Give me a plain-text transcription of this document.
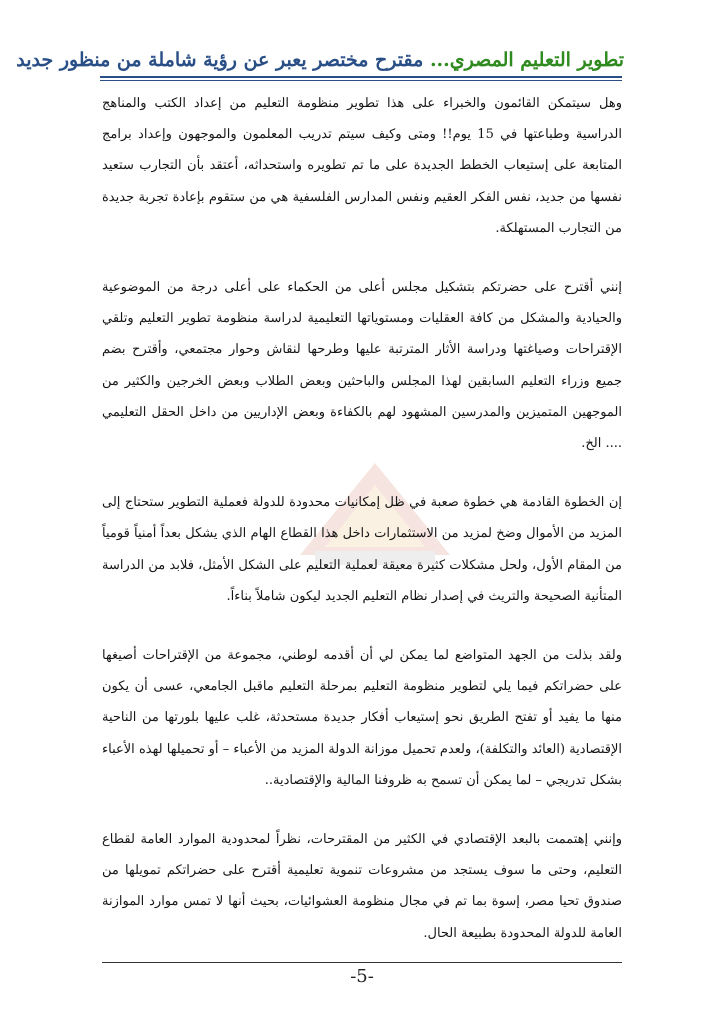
تطوير التعليم المصري... مقترح مختصر يعبر عن رؤية شاملة من منظور جديد

وهل سيتمكن القائمون والخبراء على هذا تطوير منظومة التعليم من إعداد الكتب والمناهج الدراسية وطباعتها في 15 يوم!! ومتى وكيف سيتم تدريب المعلمون والموجهون وإعداد برامج المتابعة على إستيعاب الخطط الجديدة على ما تم تطويره واستحداثه، أعتقد بأن التجارب ستعيد نفسها من جديد، نفس الفكر العقيم ونفس المدارس الفلسفية هي من ستقوم بإعادة تجربة جديدة من التجارب المستهلكة.

إنني أقترح على حضرتكم بتشكيل مجلس أعلى من الحكماء على أعلى درجة من الموضوعية والحيادية والمشكل من كافة العقليات ومستوياتها التعليمية لدراسة منظومة تطوير التعليم وتلقي الإقتراحات وصياغتها ودراسة الأثار المترتبة عليها وطرحها لنقاش وحوار مجتمعي، وأقترح بضم جميع وزراء التعليم السابقين لهذا المجلس والباحثين وبعض الطلاب وبعض الخرجين والكثير من الموجهين المتميزين والمدرسين المشهود لهم بالكفاءة وبعض الإداريين من داخل الحقل التعليمي .... الخ.

إن الخطوة القادمة هي خطوة صعبة في ظل إمكانيات محدودة للدولة فعملية التطوير ستحتاج إلى المزيد من الأموال وضخ لمزيد من الاستثمارات داخل هذا القطاع الهام الذي يشكل بعداً أمنياً قومياً من المقام الأول، ولحل مشكلات كثيرة معيقة لعملية التعليم على الشكل الأمثل، فلابد من الدراسة المتأنية الصحيحة والتريث في إصدار نظام التعليم الجديد ليكون شاملاً بناءاً.

ولقد بذلت من الجهد المتواضع لما يمكن لي أن أقدمه لوطني، مجموعة من الإقتراحات أصيغها على حضراتكم فيما يلي لتطوير منظومة التعليم بمرحلة التعليم ماقبل الجامعي، عسى أن يكون منها ما يفيد أو تفتح الطريق نحو إستيعاب أفكار جديدة مستحدثة، غلب عليها بلورتها من الناحية الإقتصادية (العائد والتكلفة)، ولعدم تحميل موزانة الدولة المزيد من الأعباء – أو تحميلها لهذه الأعباء بشكل تدريجي – لما يمكن أن تسمح به ظروفنا المالية والإقتصادية..

وإنني إهتممت بالبعد الإقتصادي في الكثير من المقترحات، نظراً لمحدودية الموارد العامة لقطاع التعليم، وحتى ما سوف يستجد من مشروعات تنموية تعليمية أقترح على حضراتكم تمويلها من صندوق تحيا مصر، إسوة بما تم في مجال منظومة العشوائيات، بحيث أنها لا تمس موارد الموازنة العامة للدولة المحدودة بطبيعة الحال.

-5-
